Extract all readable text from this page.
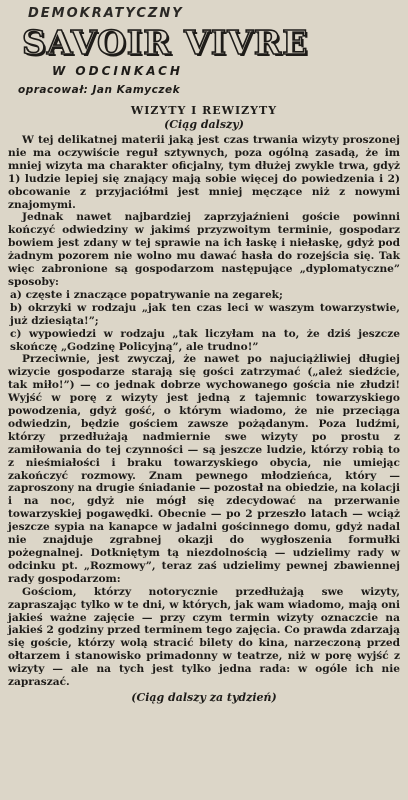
DEMOKRATYCZNY
SAVOIR VIVRE
W ODCINKACH
opracował: Jan Kamyczek
WIZYTY I REWIZYTY
(Ciąg dalszy)

W tej delikatnej materii jaką jest czas trwania wizyty proszonej nie ma oczywiście reguł sztywnych, poza ogólną zasadą, że im mniej wizyta ma charakter oficjalny, tym dłużej zwykle trwa, gdyż 1) ludzie lepiej się znający mają sobie więcej do powiedzenia i 2) obcowanie z przyjaciółmi jest mniej męczące niż z nowymi znajomymi.

Jednak nawet najbardziej zaprzyjaźnieni goście powinni kończyć odwiedziny w jakimś przyzwoitym terminie, gospodarz bowiem jest zdany w tej sprawie na ich łaskę i niełaskę, gdyż pod żadnym pozorem nie wolno mu dawać hasła do rozejścia się. Tak więc zabronione są gospodarzom następujące „dyplomatyczne” sposoby:

a) częste i znaczące popatrywanie na zegarek;

b) okrzyki w rodzaju „jak ten czas leci w waszym towarzystwie, już dziesiąta!”;

c) wypowiedzi w rodzaju „tak liczyłam na to, że dziś jeszcze skończę „Godzinę Policyjną”, ale trudno!”

Przeciwnie, jest zwyczaj, że nawet po najuciążliwiej długiej wizycie gospodarze starają się gości zatrzymać („ależ siedźcie, tak miło!”) — co jednak dobrze wychowanego gościa nie złudzi! Wyjść w porę z wizyty jest jedną z tajemnic towarzyskiego powodzenia, gdyż gość, o którym wiadomo, że nie przeciąga odwiedzin, będzie gościem zawsze pożądanym. Poza ludźmi, którzy przedłużają nadmiernie swe wizyty po prostu z zamiłowania do tej czynności — są jeszcze ludzie, którzy robią to z nieśmiałości i braku towarzyskiego obycia, nie umiejąc zakończyć rozmowy. Znam pewnego młodzieńca, który — zaproszony na drugie śniadanie — pozostał na obiedzie, na kolacji i na noc, gdyż nie mógł się zdecydować na przerwanie towarzyskiej pogawędki. Obecnie — po 2 przeszło latach — wciąż jeszcze sypia na kanapce w jadalni gościnnego domu, gdyż nadal nie znajduje zgrabnej okazji do wygłoszenia formułki pożegnalnej. Dotkniętym tą niezdolnością — udzielimy rady w odcinku pt. „Rozmowy”, teraz zaś udzielimy pewnej zbawiennej rady gospodarzom:

Gościom, którzy notorycznie przedłużają swe wizyty, zapraszając tylko w te dni, w których, jak wam wiadomo, mają oni jakieś ważne zajęcie — przy czym termin wizyty oznaczcie na jakieś 2 godziny przed terminem tego zajęcia. Co prawda zdarzają się goście, którzy wolą stracić bilety do kina, narzeczoną przed ołtarzem i stanowisko primadonny w teatrze, niż w porę wyjść z wizyty — ale na tych jest tylko jedna rada: w ogóle ich nie zapraszać.

(Ciąg dalszy za tydzień)
